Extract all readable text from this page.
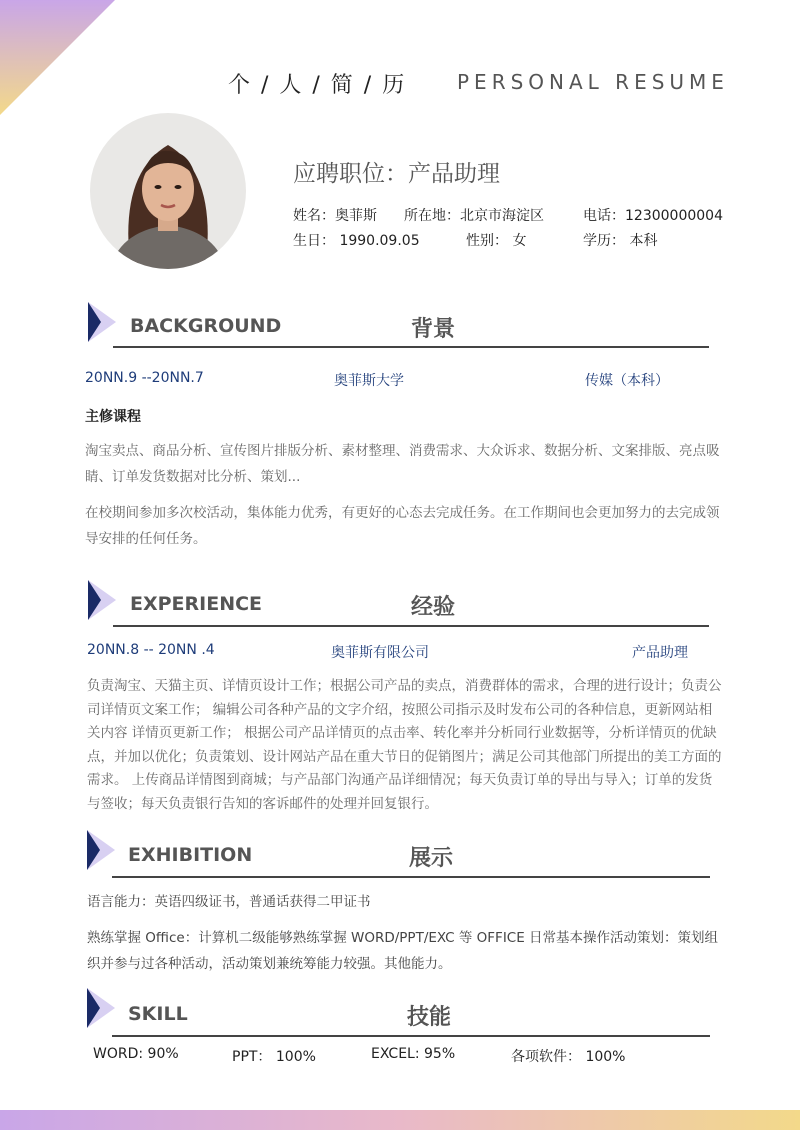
个 / 人 / 简 / 历	PERSONAL RESUME
应聘职位：产品助理
姓名：奥菲斯 所在地：北京市海淀区	电话：12300000004
生日： 1990.09.05	性别： 女	学历： 本科
BACKGROUND	背景
20NN.9 --20NN.7	奥菲斯大学	传媒（本科）
主修课程
淘宝卖点、商品分析、宣传图片排版分析、素材整理、消费需求、大众诉求、数据分析、文案排版、亮点吸睛、订单发货数据对比分析、策划...
在校期间参加多次校活动，集体能力优秀，有更好的心态去完成任务。在工作期间也会更加努力的去完成领导安排的任何任务。
EXPERIENCE	经验
20NN.8 -- 20NN .4	奥菲斯有限公司	产品助理
负责淘宝、天猫主页、详情页设计工作；根据公司产品的卖点，消费群体的需求，合理的进行设计；负责公司详情页文案工作； 编辑公司各种产品的文字介绍，按照公司指示及时发布公司的各种信息，更新网站相关内容 详情页更新工作； 根据公司产品详情页的点击率、转化率并分析同行业数据等，分析详情页的优缺点，并加以优化；负责策划、设计网站产品在重大节日的促销图片；满足公司其他部门所提出的美工方面的需求。 上传商品详情图到商城；与产品部门沟通产品详细情况；每天负责订单的导出与导入；订单的发货与签收；每天负责银行告知的客诉邮件的处理并回复银行。
EXHIBITION	展示
语言能力：英语四级证书，普通话获得二甲证书
熟练掌握 Office：计算机二级能够熟练掌握 WORD/PPT/EXC 等 OFFICE 日常基本操作活动策划：策划组织并参与过各种活动，活动策划兼统筹能力较强。其他能力。
SKILL	技能
WORD: 90%	PPT： 100%	EXCEL: 95%	各项软件： 100%
